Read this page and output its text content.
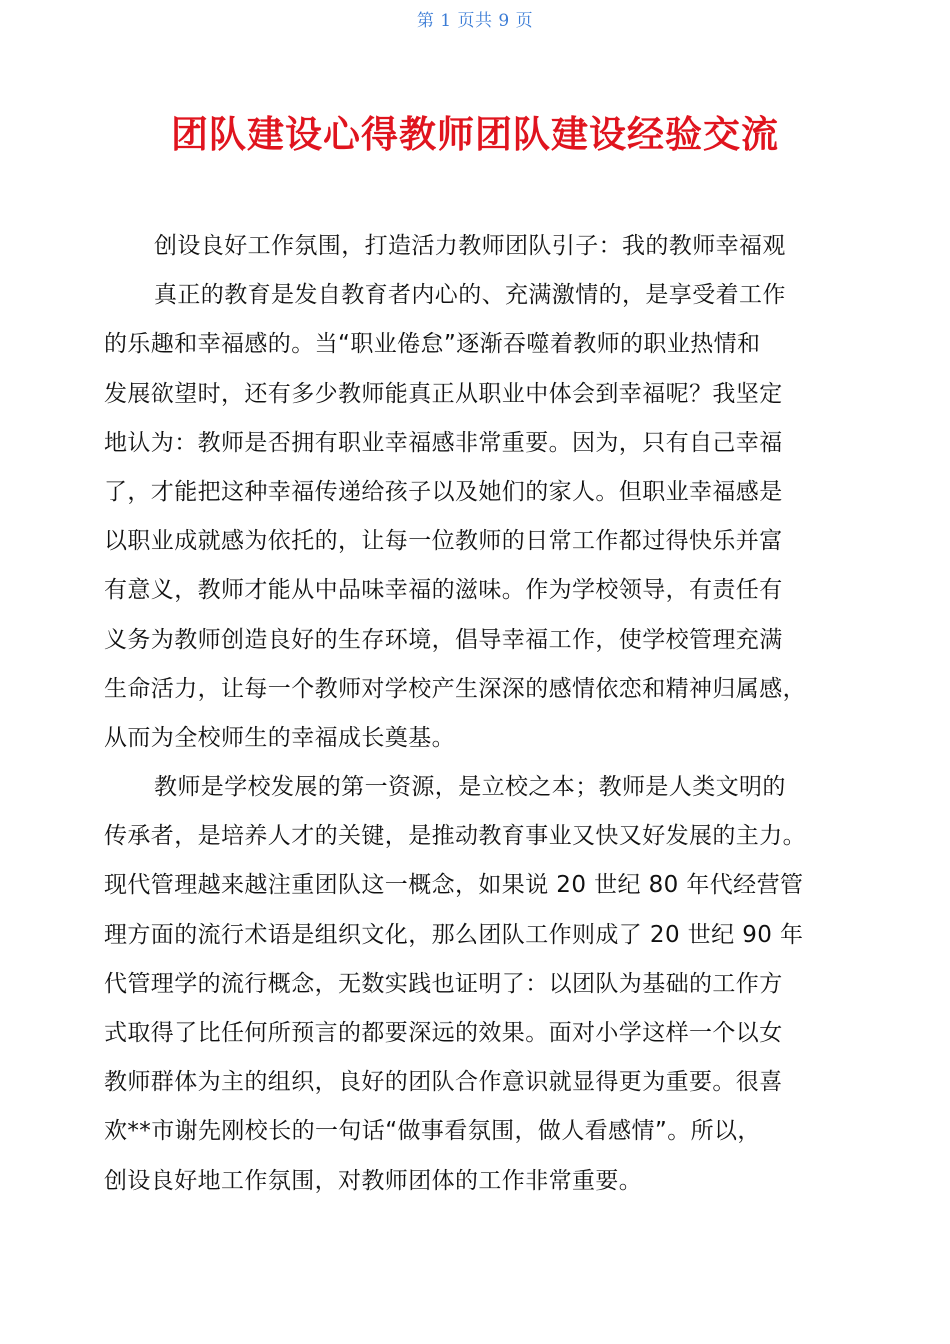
第 1 页共 9 页
团队建设心得教师团队建设经验交流
创设良好工作氛围，打造活力教师团队引子：我的教师幸福观
真正的教育是发自教育者内心的、充满激情的，是享受着工作
的乐趣和幸福感的。当“职业倦怠”逐渐吞噬着教师的职业热情和
发展欲望时，还有多少教师能真正从职业中体会到幸福呢？我坚定
地认为：教师是否拥有职业幸福感非常重要。因为，只有自己幸福
了，才能把这种幸福传递给孩子以及她们的家人。但职业幸福感是
以职业成就感为依托的，让每一位教师的日常工作都过得快乐并富
有意义，教师才能从中品味幸福的滋味。作为学校领导，有责任有
义务为教师创造良好的生存环境，倡导幸福工作，使学校管理充满
生命活力，让每一个教师对学校产生深深的感情依恋和精神归属感，
从而为全校师生的幸福成长奠基。
教师是学校发展的第一资源，是立校之本；教师是人类文明的
传承者，是培养人才的关键，是推动教育事业又快又好发展的主力。
现代管理越来越注重团队这一概念，如果说 20 世纪 80 年代经营管
理方面的流行术语是组织文化，那么团队工作则成了 20 世纪 90 年
代管理学的流行概念，无数实践也证明了：以团队为基础的工作方
式取得了比任何所预言的都要深远的效果。面对小学这样一个以女
教师群体为主的组织，良好的团队合作意识就显得更为重要。很喜
欢**市谢先刚校长的一句话“做事看氛围，做人看感情”。所以，
创设良好地工作氛围，对教师团体的工作非常重要。
